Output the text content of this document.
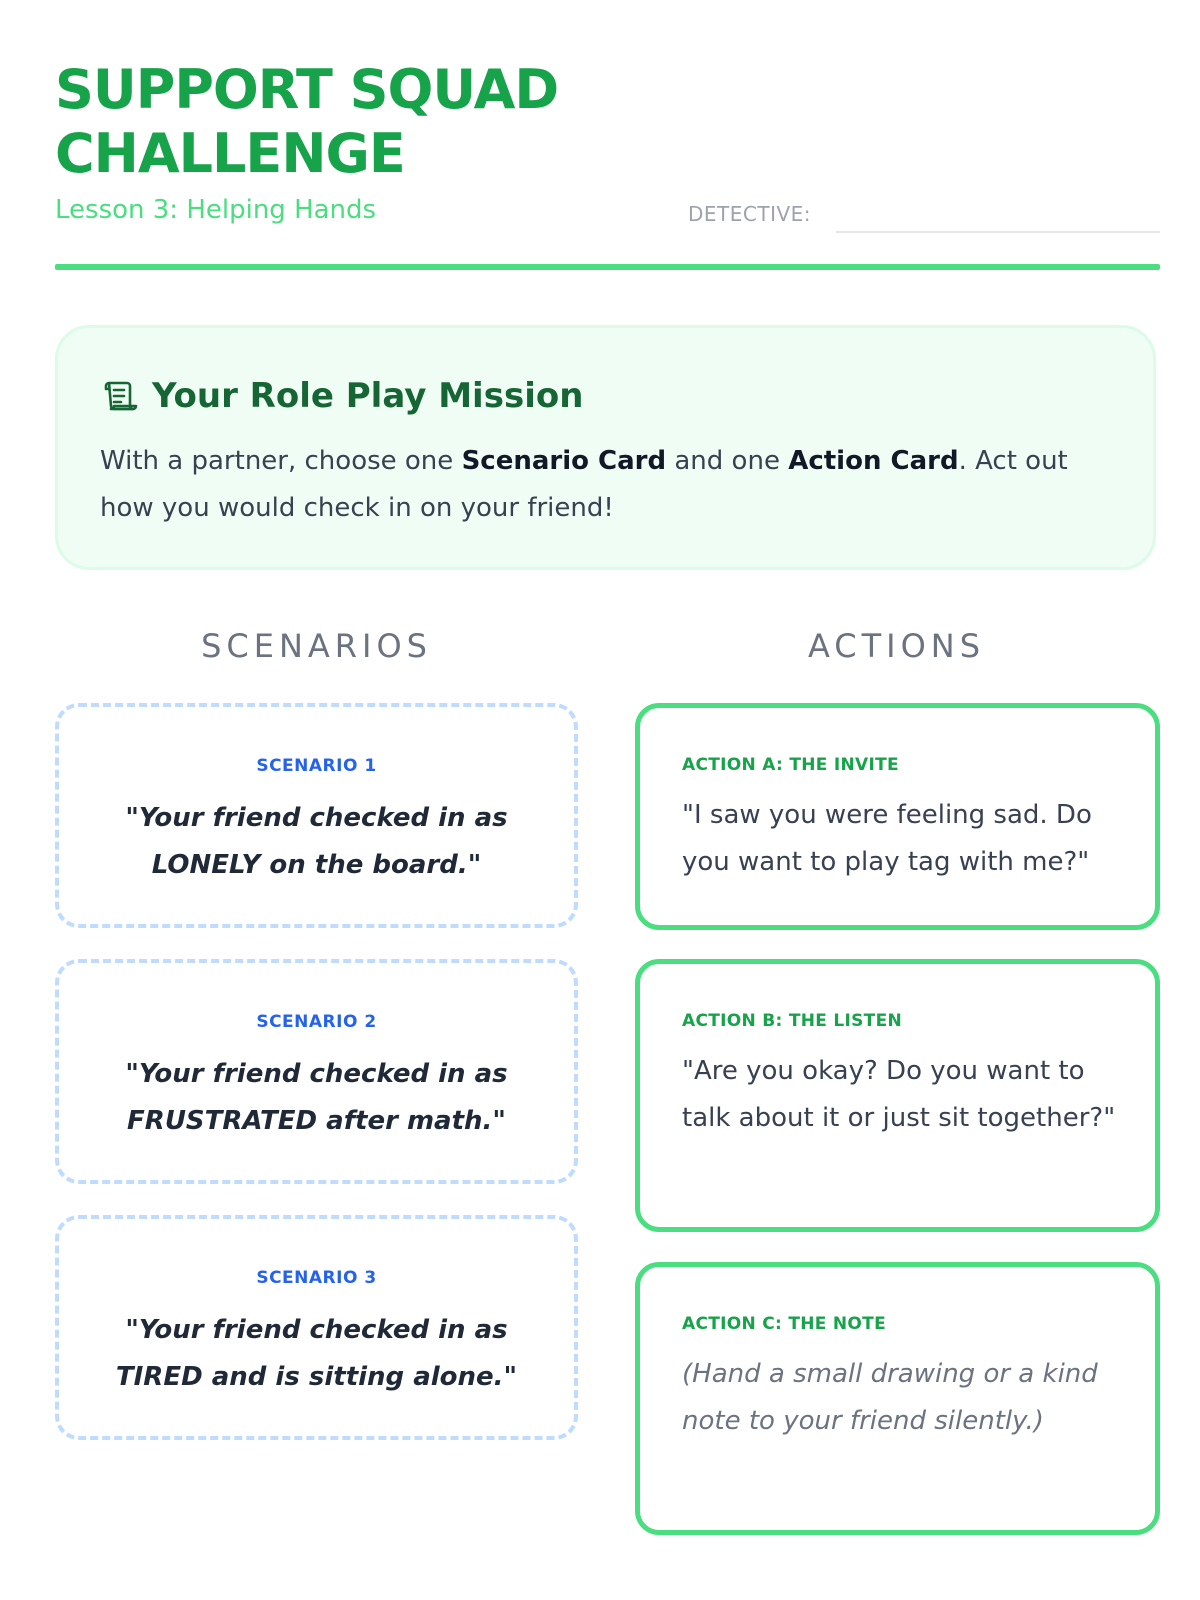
SUPPORT SQUAD
CHALLENGE
Lesson 3: Helping Hands	DETECTIVE:
Your Role Play Mission
With a partner, choose one Scenario Card and one Action Card. Act out how you would check in on your friend!
SCENARIOS	ACTIONS
SCENARIO 1
"Your friend checked in as LONELY on the board."
SCENARIO 2
"Your friend checked in as FRUSTRATED after math."
SCENARIO 3
"Your friend checked in as TIRED and is sitting alone."
ACTION A: THE INVITE
"I saw you were feeling sad. Do you want to play tag with me?"
ACTION B: THE LISTEN
"Are you okay? Do you want to talk about it or just sit together?"
ACTION C: THE NOTE
(Hand a small drawing or a kind note to your friend silently.)
